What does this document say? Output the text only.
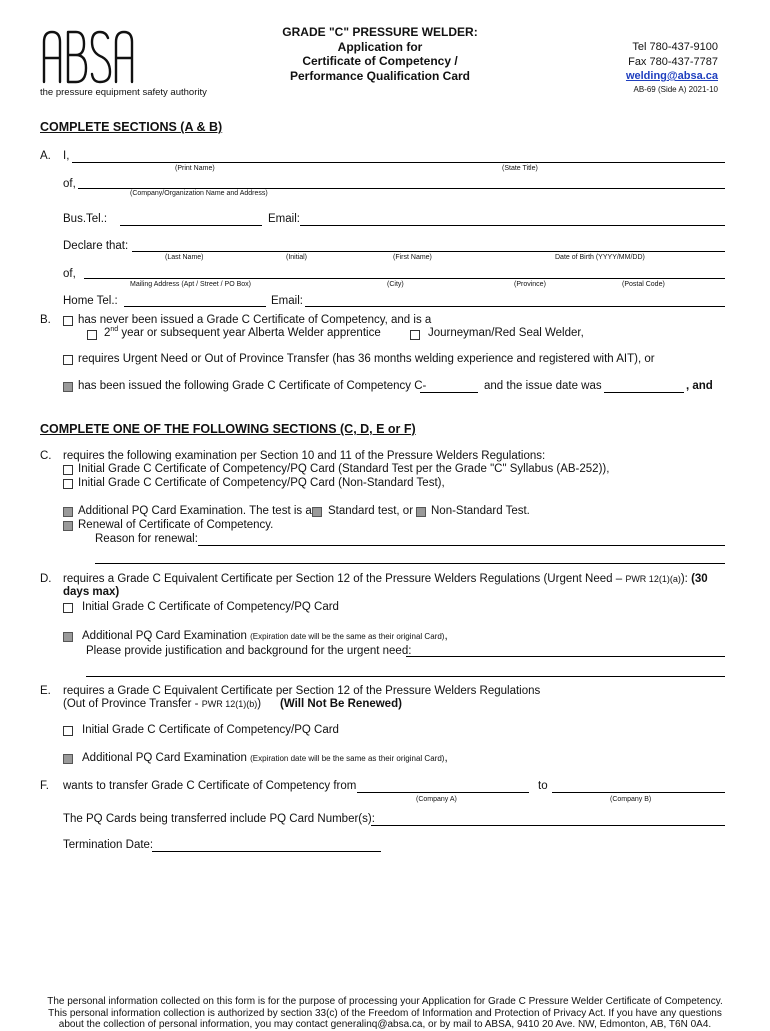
the pressure equipment safety authority
GRADE "C" PRESSURE WELDER:
Application for
Certificate of Competency /
Performance Qualification Card
Tel 780-437-9100
Fax 780-437-7787
welding@absa.ca
AB-69 (Side A) 2021-10
COMPLETE SECTIONS (A & B)
A. I,
(Print Name)	(State Title)
of,
(Company/Organization Name and Address)
Bus.Tel.:	Email:
Declare that:
(Last Name)	(Initial)	(First Name)	Date of Birth (YYYY/MM/DD)
of,
Mailing Address (Apt / Street / PO Box)	(City)	(Province)	(Postal Code)
Home Tel.:	Email:
B. has never been issued a Grade C Certificate of Competency, and is a
2nd year or subsequent year Alberta Welder apprentice	Journeyman/Red Seal Welder,
requires Urgent Need or Out of Province Transfer (has 36 months welding experience and registered with AIT), or
has been issued the following Grade C Certificate of Competency C-	and the issue date was	, and
COMPLETE ONE OF THE FOLLOWING SECTIONS (C, D, E or F)
C. requires the following examination per Section 10 and 11 of the Pressure Welders Regulations:
Initial Grade C Certificate of Competency/PQ Card (Standard Test per the Grade "C" Syllabus (AB-252)),
Initial Grade C Certificate of Competency/PQ Card (Non-Standard Test),
Additional PQ Card Examination. The test is a Standard test, or Non-Standard Test.
Renewal of Certificate of Competency.
Reason for renewal:
D. requires a Grade C Equivalent Certificate per Section 12 of the Pressure Welders Regulations (Urgent Need – PWR 12(1)(a)): (30
days max)
Initial Grade C Certificate of Competency/PQ Card
Additional PQ Card Examination (Expiration date will be the same as their original Card),
Please provide justification and background for the urgent need:
E. requires a Grade C Equivalent Certificate per Section 12 of the Pressure Welders Regulations
(Out of Province Transfer - PWR 12(1)(b)) (Will Not Be Renewed)
Initial Grade C Certificate of Competency/PQ Card
Additional PQ Card Examination (Expiration date will be the same as their original Card),
F. wants to transfer Grade C Certificate of Competency from	to
(Company A)	(Company B)
The PQ Cards being transferred include PQ Card Number(s):
Termination Date:
The personal information collected on this form is for the purpose of processing your Application for Grade C Pressure Welder Certificate of Competency.
This personal information collection is authorized by section 33(c) of the Freedom of Information and Protection of Privacy Act. If you have any questions
about the collection of personal information, you may contact generalinq@absa.ca, or by mail to ABSA, 9410 20 Ave. NW, Edmonton, AB, T6N 0A4.
